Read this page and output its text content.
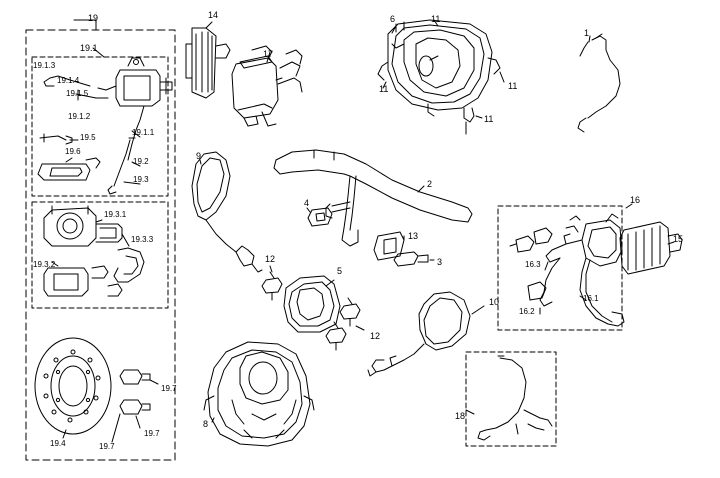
19
19.1
19.1.3
19.1.4
19.1.5
19.1.2
19.1.1
19.5
19.6
19.2
19.3
19.3.1
19.3.3
19.3.2
19.4
19.7
19.7
19.7
14
17
6	11
11	11
11
1
9
2
4
13
3
12
12
5
10
8
18
16
15
16.3
16.2
16.1
